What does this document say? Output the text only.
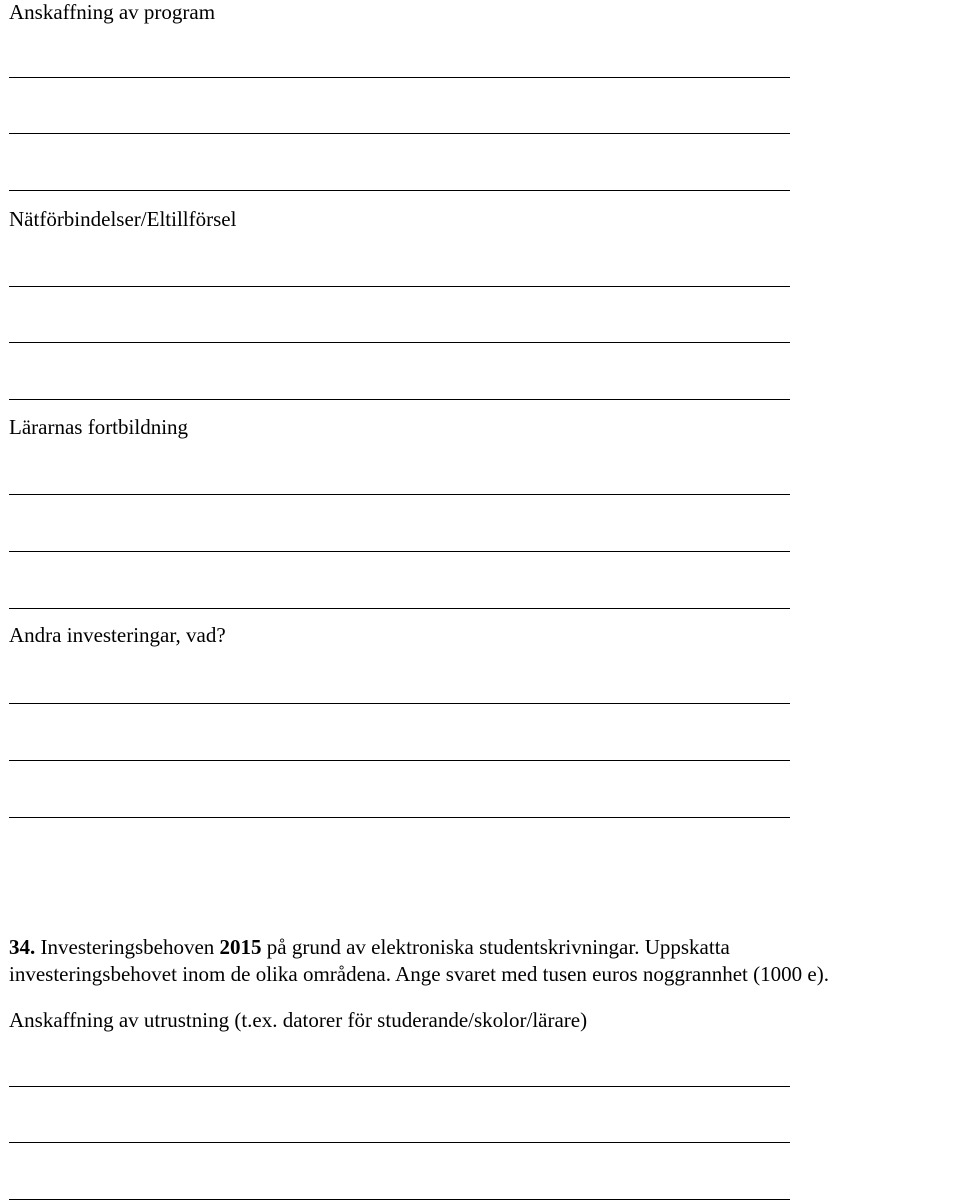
Anskaffning av program
Nätförbindelser/Eltillförsel
Lärarnas fortbildning
Andra investeringar, vad?
34. Investeringsbehoven 2015 på grund av elektroniska studentskrivningar. Uppskatta
investeringsbehovet inom de olika områdena. Ange svaret med tusen euros noggrannhet (1000 e).
Anskaffning av utrustning (t.ex. datorer för studerande/skolor/lärare)
